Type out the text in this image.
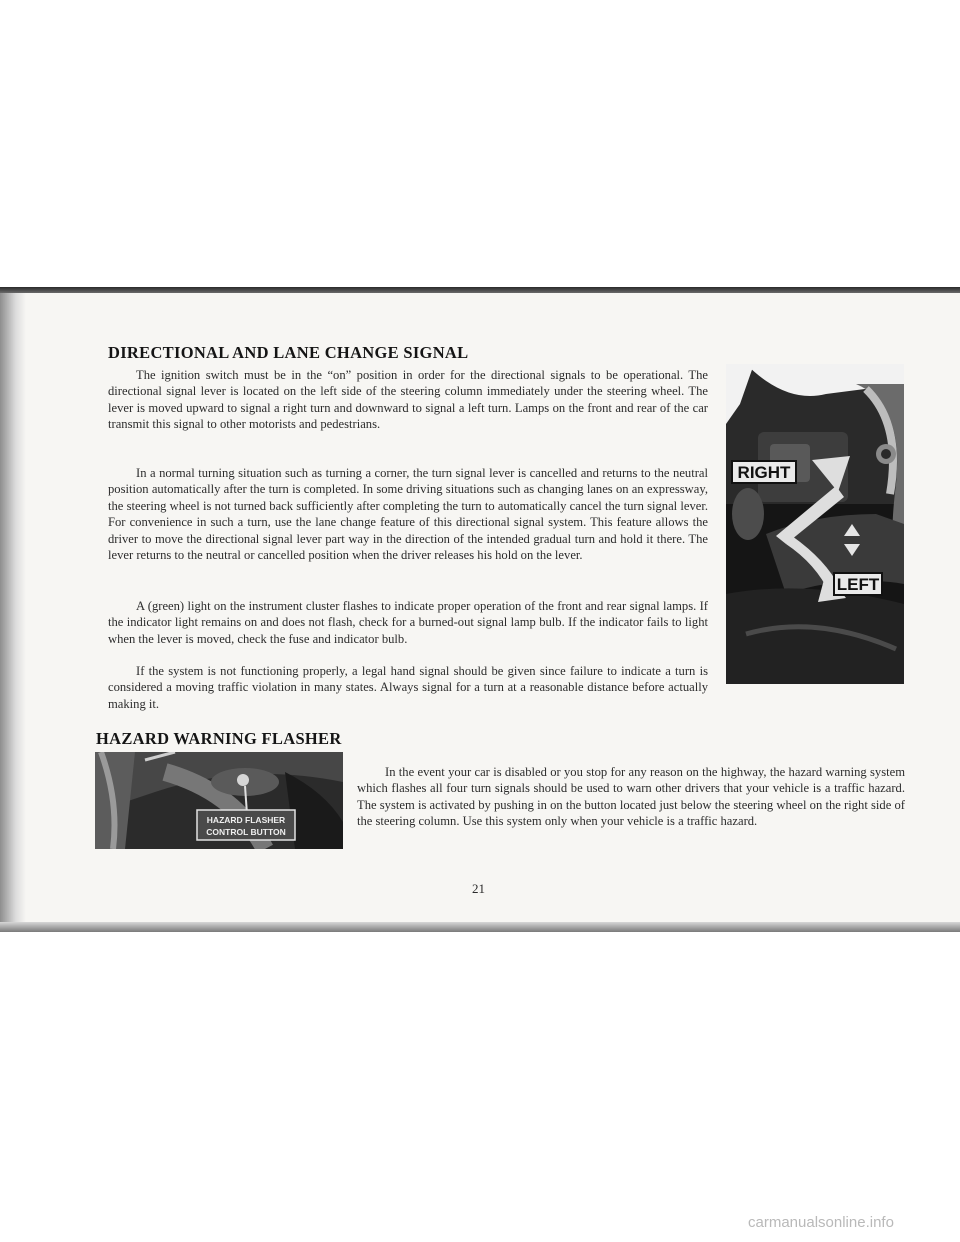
DIRECTIONAL AND LANE CHANGE SIGNAL

The ignition switch must be in the “on” position in order for the directional signals to be operational. The directional signal lever is located on the left side of the steering column immediately under the steering wheel. The lever is moved upward to signal a right turn and downward to signal a left turn. Lamps on the front and rear of the car transmit this signal to other motorists and pedestrians.

In a normal turning situation such as turning a corner, the turn signal lever is cancelled and returns to the neutral position automatically after the turn is completed. In some driving situations such as changing lanes on an expressway, the steering wheel is not turned back sufficiently after completing the turn to automatically cancel the turn signal lever. For convenience in such a turn, use the lane change feature of this directional signal system. This feature allows the driver to move the directional signal lever part way in the direction of the intended gradual turn and hold it there. The lever returns to the neutral or cancelled position when the driver releases his hold on the lever.

A (green) light on the instrument cluster flashes to indicate proper operation of the front and rear signal lamps. If the indicator light remains on and does not flash, check for a burned-out signal lamp bulb. If the indicator fails to light when the lever is moved, check the fuse and indicator bulb.

If the system is not functioning properly, a legal hand signal should be given since failure to indicate a turn is considered a moving traffic violation in many states. Always signal for a turn at a reasonable distance before actually making it.

RIGHT
LEFT
HAZARD WARNING FLASHER
HAZARD FLASHER
CONTROL BUTTON

In the event your car is disabled or you stop for any reason on the highway, the hazard warning system which flashes all four turn signals should be used to warn other drivers that your vehicle is a traffic hazard. The system is activated by pushing in on the button located just below the steering wheel on the right side of the steering column. Use this system only when your vehicle is a traffic hazard.

21
carmanualsonline.info
